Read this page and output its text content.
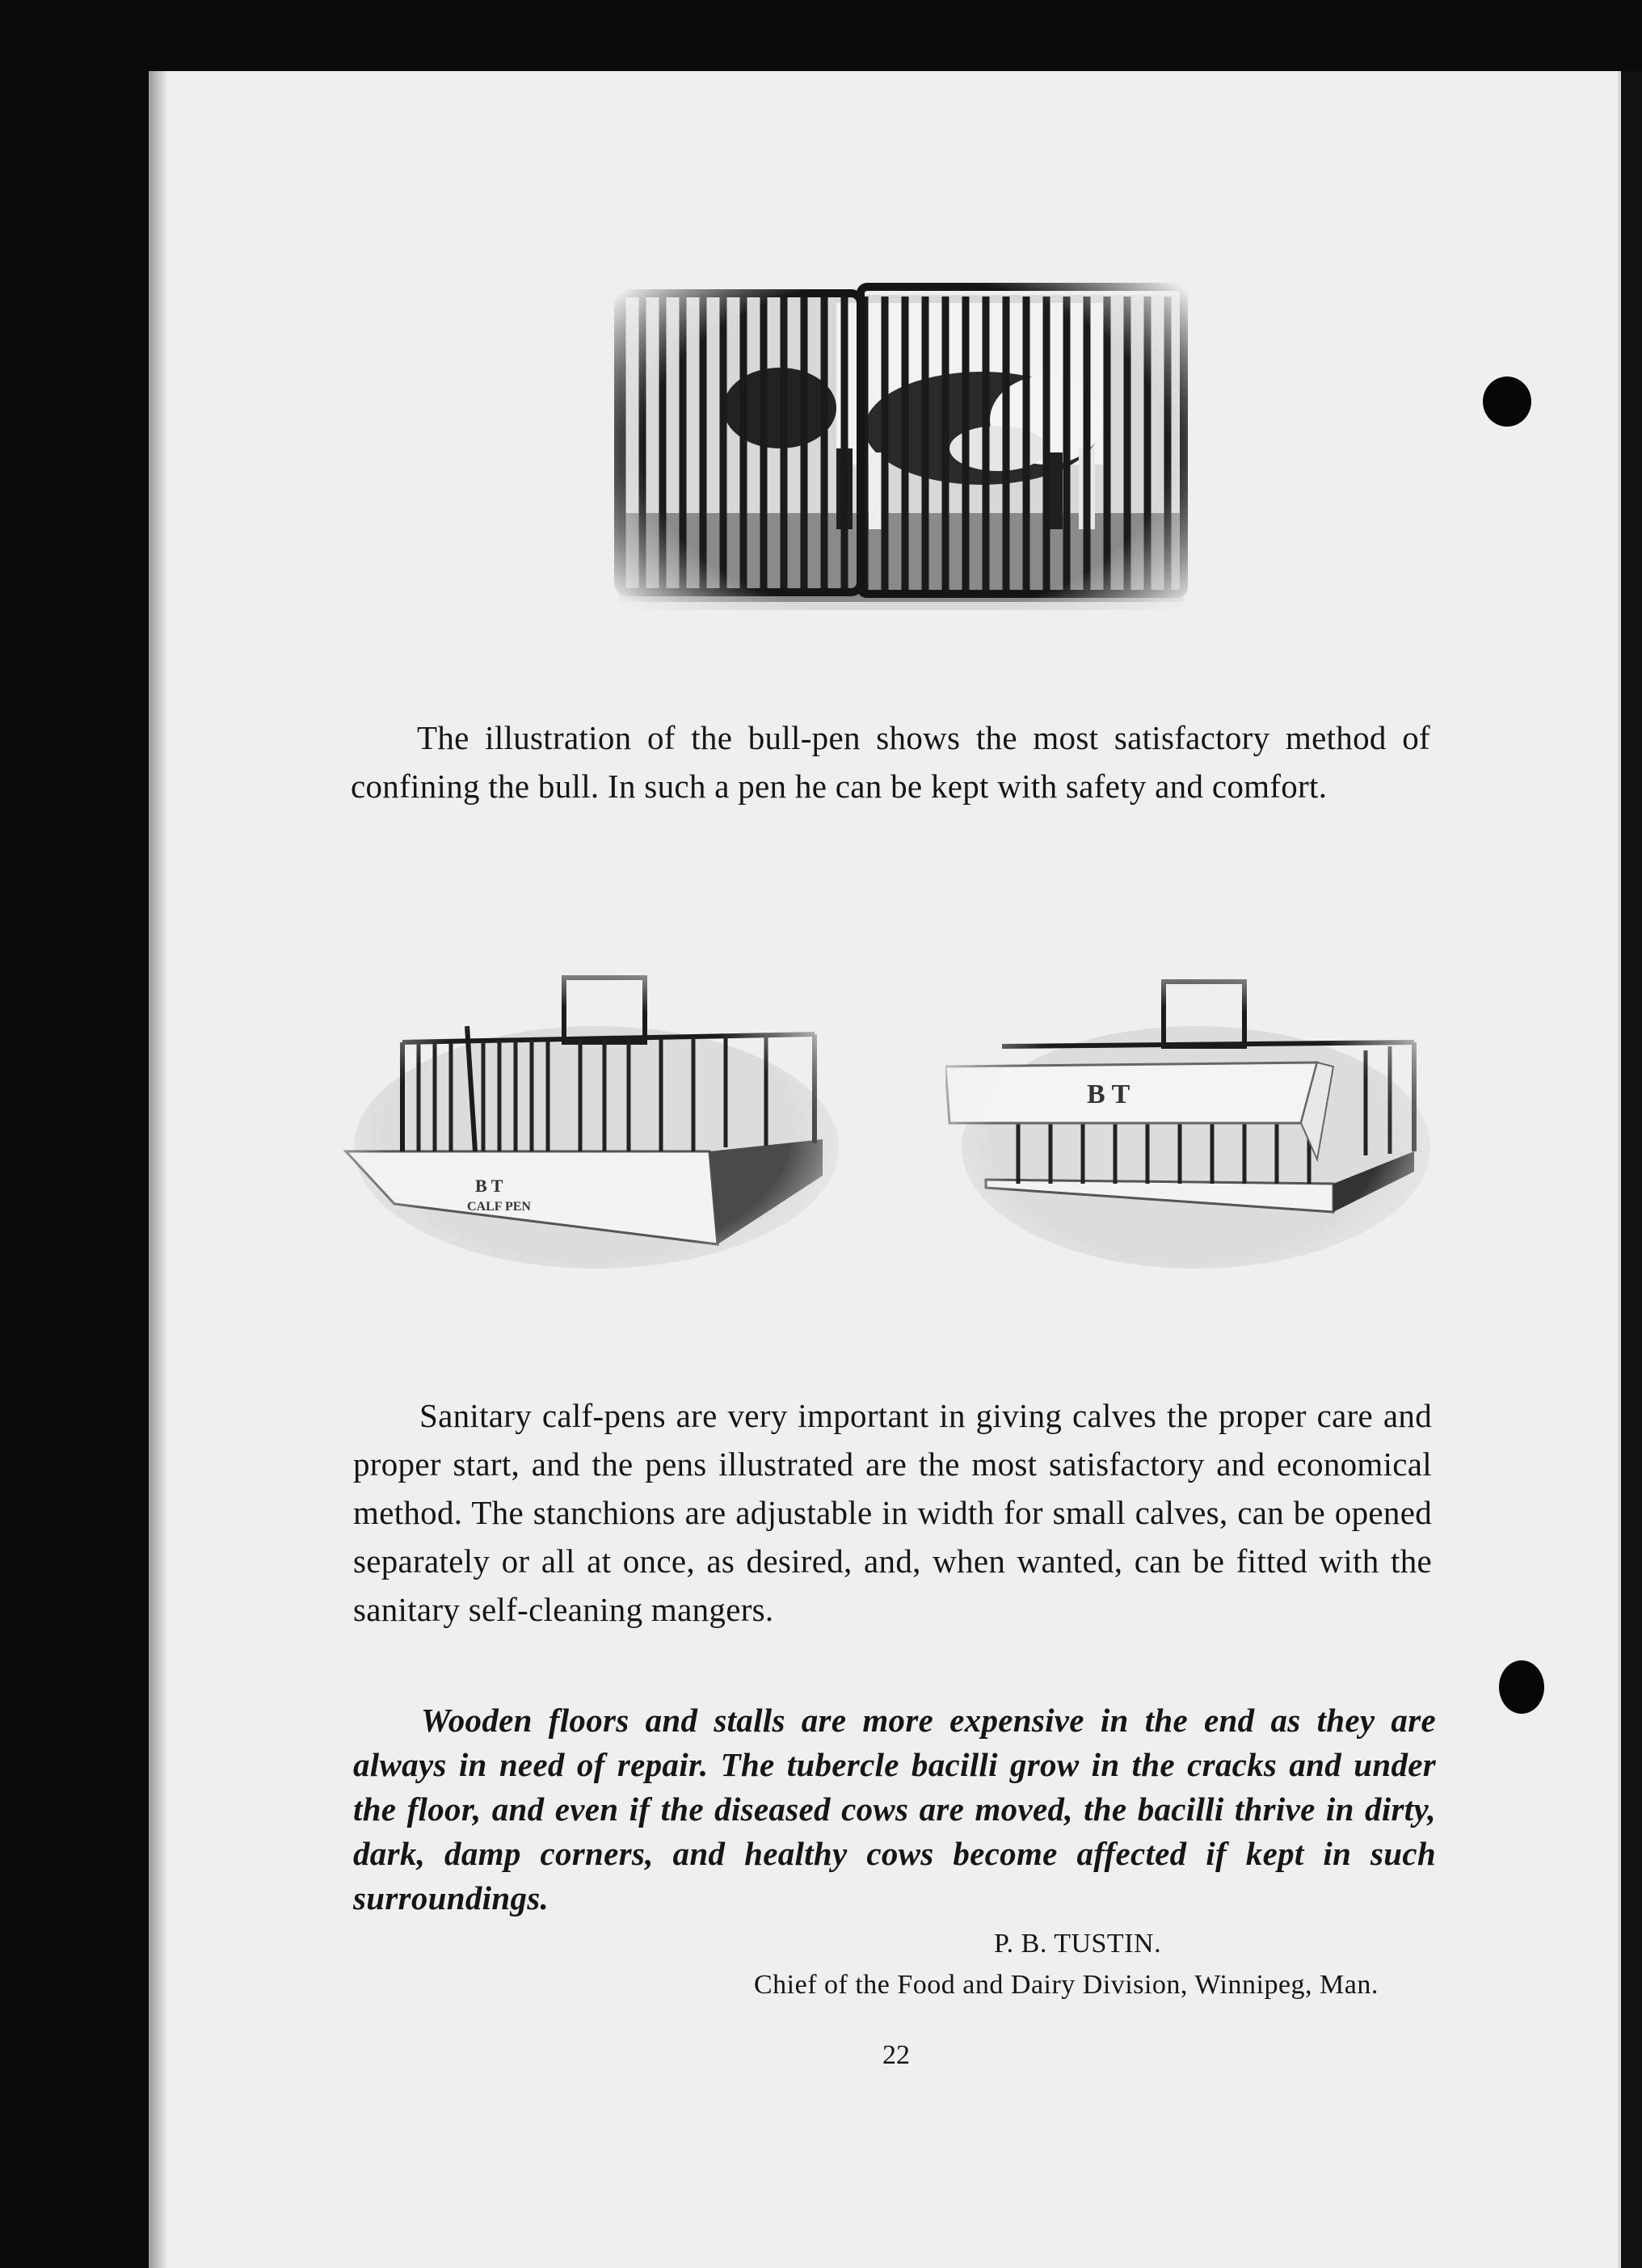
The illustration of the bull-pen shows the most satisfactory method of confining the bull. In such a pen he can be kept with safety and comfort.

Sanitary calf-pens are very important in giving calves the proper care and proper start, and the pens illustrated are the most satisfactory and economical method. The stanchions are adjustable in width for small calves, can be opened separately or all at once, as desired, and, when wanted, can be fitted with the sanitary self-cleaning mangers.

Wooden floors and stalls are more expensive in the end as they are always in need of repair. The tubercle bacilli grow in the cracks and under the floor, and even if the diseased cows are moved, the bacilli thrive in dirty, dark, damp corners, and healthy cows become affected if kept in such surroundings.

P. B. TUSTIN.

Chief of the Food and Dairy Division, Winnipeg, Man.

22
